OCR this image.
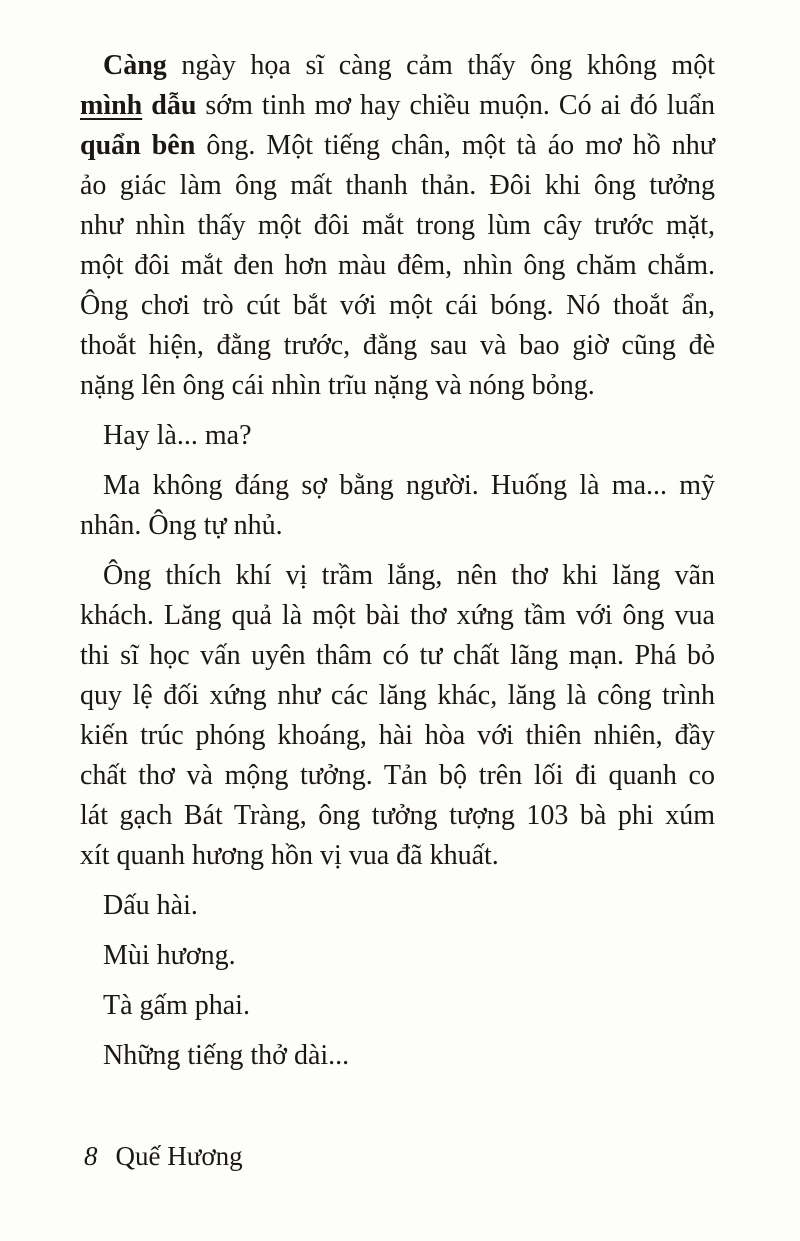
Càng ngày họa sĩ càng cảm thấy ông không một
mình dẫu sớm tinh mơ hay chiều muộn. Có ai đó luẩn
quẩn bên ông. Một tiếng chân, một tà áo mơ hồ như
ảo giác làm ông mất thanh thản. Đôi khi ông tưởng
như nhìn thấy một đôi mắt trong lùm cây trước mặt,
một đôi mắt đen hơn màu đêm, nhìn ông chăm chắm.
Ông chơi trò cút bắt với một cái bóng. Nó thoắt ẩn,
thoắt hiện, đằng trước, đằng sau và bao giờ cũng đè
nặng lên ông cái nhìn trĩu nặng và nóng bỏng.

Hay là... ma?

Ma không đáng sợ bằng người. Huống là ma... mỹ
nhân. Ông tự nhủ.

Ông thích khí vị trầm lắng, nên thơ khi lăng vãn
khách. Lăng quả là một bài thơ xứng tầm với ông vua
thi sĩ học vấn uyên thâm có tư chất lãng mạn. Phá bỏ
quy lệ đối xứng như các lăng khác, lăng là công trình
kiến trúc phóng khoáng, hài hòa với thiên nhiên, đầy
chất thơ và mộng tưởng. Tản bộ trên lối đi quanh co
lát gạch Bát Tràng, ông tưởng tượng 103 bà phi xúm
xít quanh hương hồn vị vua đã khuất.

Dấu hài.

Mùi hương.

Tà gấm phai.

Những tiếng thở dài...

8 Quế Hương
